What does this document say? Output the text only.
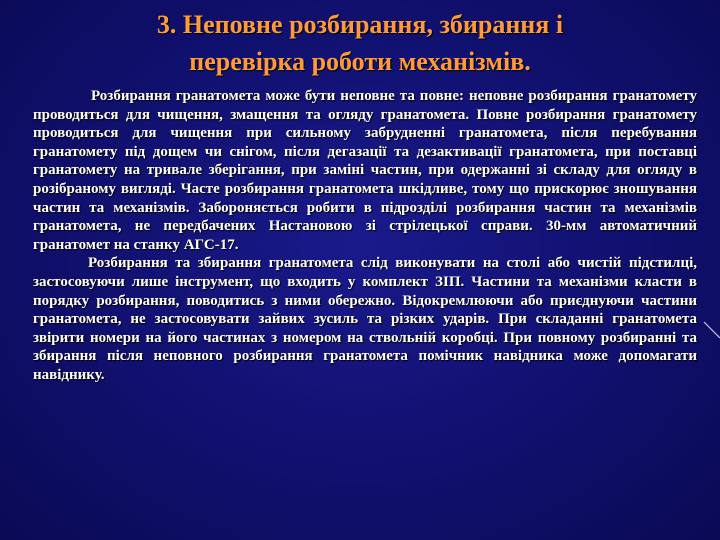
3. Неповне розбирання, збирання і
перевірка роботи механізмів.

Розбирання гранатомета може бути неповне та повне: неповне розбирання гранатомету проводиться для чищення, змащення та огляду гранатомета. Повне розбирання гранатомету проводиться для чищення при сильному забрудненні гранатомета, після перебування гранатомету під дощем чи снігом, після дегазації та дезактивації гранатомета, при поставці гранатомету на тривале зберігання, при заміні частин, при одержанні зі складу для огляду в розібраному вигляді. Часте розбирання гранатомета шкідливе, тому що прискорює зношування частин та механізмів. Забороняється робити в підрозділі розбирання частин та механізмів гранатомета, не передбачених Настановою зі стрілецької справи. 30-мм автоматичний гранатомет на станку АГС-17.

Розбирання та збирання гранатомета слід виконувати на столі або чистій підстилці, застосовуючи лише інструмент, що входить у комплект ЗІП. Частини та механізми класти в порядку розбирання, поводитись з ними обережно. Відокремлюючи або приєднуючи частини гранатомета, не застосовувати зайвих зусиль та різких ударів. При складанні гранатомета звірити номери на його частинах з номером на ствольній коробці. При повному розбиранні та збирання після неповного розбирання гранатомета помічник навідника може допомагати навіднику.
